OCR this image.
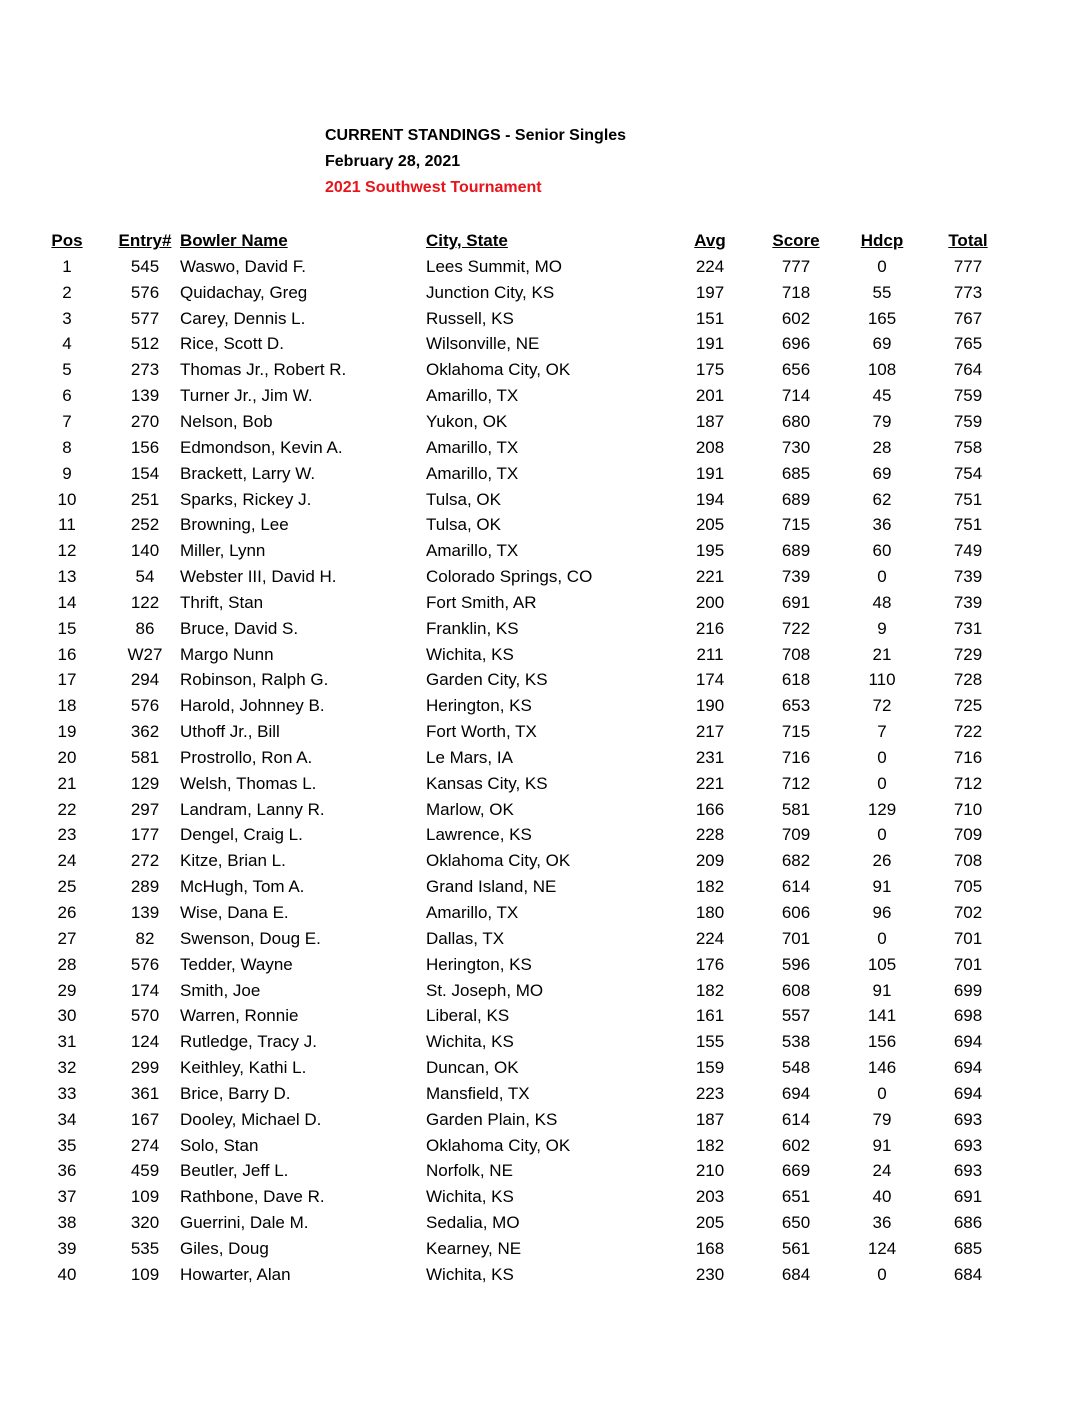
CURRENT STANDINGS - Senior Singles
February 28, 2021
2021 Southwest Tournament
Pos	Entry#	Bowler Name	City, State	Avg	Score	Hdcp	Total
1	545	Waswo, David F.	Lees Summit, MO	224	777	0	777
2	576	Quidachay, Greg	Junction City, KS	197	718	55	773
3	577	Carey, Dennis L.	Russell, KS	151	602	165	767
4	512	Rice, Scott D.	Wilsonville, NE	191	696	69	765
5	273	Thomas Jr., Robert R.	Oklahoma City, OK	175	656	108	764
6	139	Turner Jr., Jim W.	Amarillo, TX	201	714	45	759
7	270	Nelson, Bob	Yukon, OK	187	680	79	759
8	156	Edmondson, Kevin A.	Amarillo, TX	208	730	28	758
9	154	Brackett, Larry W.	Amarillo, TX	191	685	69	754
10	251	Sparks, Rickey J.	Tulsa, OK	194	689	62	751
11	252	Browning, Lee	Tulsa, OK	205	715	36	751
12	140	Miller, Lynn	Amarillo, TX	195	689	60	749
13	54	Webster III, David H.	Colorado Springs, CO	221	739	0	739
14	122	Thrift, Stan	Fort Smith, AR	200	691	48	739
15	86	Bruce, David S.	Franklin, KS	216	722	9	731
16	W27	Margo Nunn	Wichita, KS	211	708	21	729
17	294	Robinson, Ralph G.	Garden City, KS	174	618	110	728
18	576	Harold, Johnney B.	Herington, KS	190	653	72	725
19	362	Uthoff Jr., Bill	Fort Worth, TX	217	715	7	722
20	581	Prostrollo, Ron A.	Le Mars, IA	231	716	0	716
21	129	Welsh, Thomas L.	Kansas City, KS	221	712	0	712
22	297	Landram, Lanny R.	Marlow, OK	166	581	129	710
23	177	Dengel, Craig L.	Lawrence, KS	228	709	0	709
24	272	Kitze, Brian L.	Oklahoma City, OK	209	682	26	708
25	289	McHugh, Tom A.	Grand Island, NE	182	614	91	705
26	139	Wise, Dana E.	Amarillo, TX	180	606	96	702
27	82	Swenson, Doug E.	Dallas, TX	224	701	0	701
28	576	Tedder, Wayne	Herington, KS	176	596	105	701
29	174	Smith, Joe	St. Joseph, MO	182	608	91	699
30	570	Warren, Ronnie	Liberal, KS	161	557	141	698
31	124	Rutledge, Tracy J.	Wichita, KS	155	538	156	694
32	299	Keithley, Kathi L.	Duncan, OK	159	548	146	694
33	361	Brice, Barry D.	Mansfield, TX	223	694	0	694
34	167	Dooley, Michael D.	Garden Plain, KS	187	614	79	693
35	274	Solo, Stan	Oklahoma City, OK	182	602	91	693
36	459	Beutler, Jeff L.	Norfolk, NE	210	669	24	693
37	109	Rathbone, Dave R.	Wichita, KS	203	651	40	691
38	320	Guerrini, Dale M.	Sedalia, MO	205	650	36	686
39	535	Giles, Doug	Kearney, NE	168	561	124	685
40	109	Howarter, Alan	Wichita, KS	230	684	0	684
